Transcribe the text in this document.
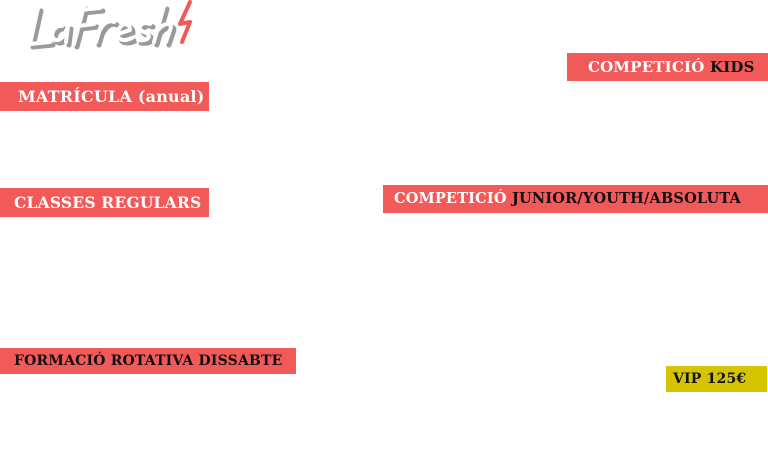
MATRÍCULA (anual)
CLASSES REGULARS
FORMACIÓ ROTATIVA DISSABTE
COMPETICIÓ
KIDS
COMPETICIÓ
JUNIOR/YOUTH/ABSOLUTA
VIP 125€
